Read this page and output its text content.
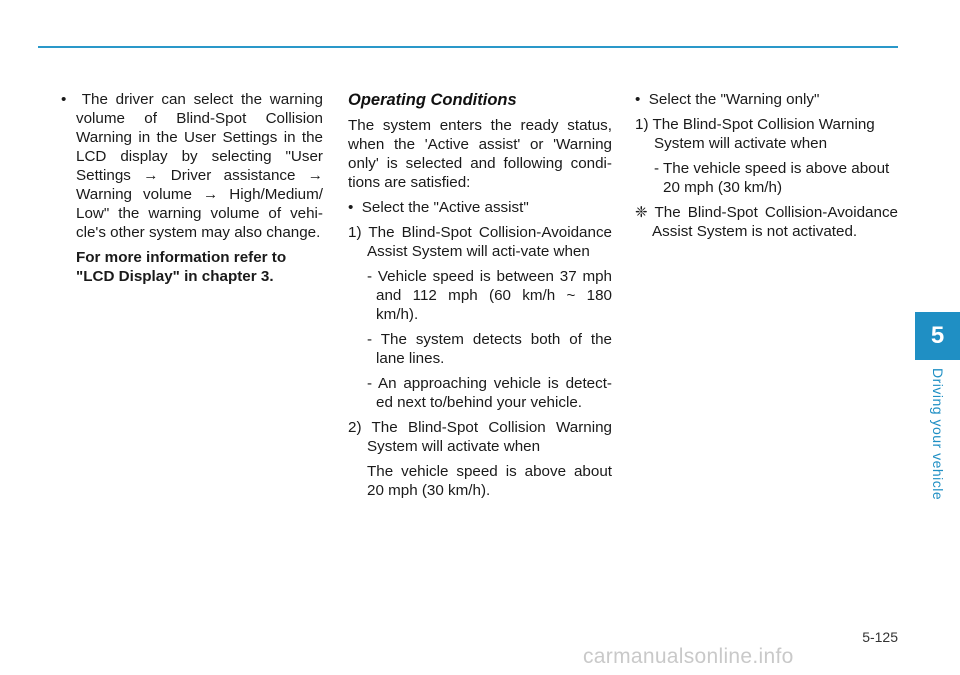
•  The driver can select the warning volume of Blind-Spot Collision Warning in the User Settings in the LCD display by selecting "User Settings → Driver assistance → Warning volume → High/Medium/ Low" the warning volume of vehi-cle's other system may also change.

For more information refer to "LCD Display" in chapter 3.

Operating Conditions

The system enters the ready status, when the 'Active assist' or 'Warning only' is selected and following condi-tions are satisfied:

•  Select the "Active assist"

1) The Blind-Spot Collision-Avoidance Assist System will acti-vate when

- Vehicle speed is between 37 mph and 112 mph (60 km/h ~ 180 km/h).

- The system detects both of the lane lines.

- An approaching vehicle is detect-ed next to/behind your vehicle.

2) The Blind-Spot Collision Warning System will activate when

The vehicle speed is above about 20 mph (30 km/h).

•  Select the "Warning only"

1) The Blind-Spot Collision Warning System will activate when

- The vehicle speed is above about 20 mph (30 km/h)

❈ The Blind-Spot Collision-Avoidance Assist System is not activated.

5
Driving your vehicle
5-125
carmanualsonline.info
